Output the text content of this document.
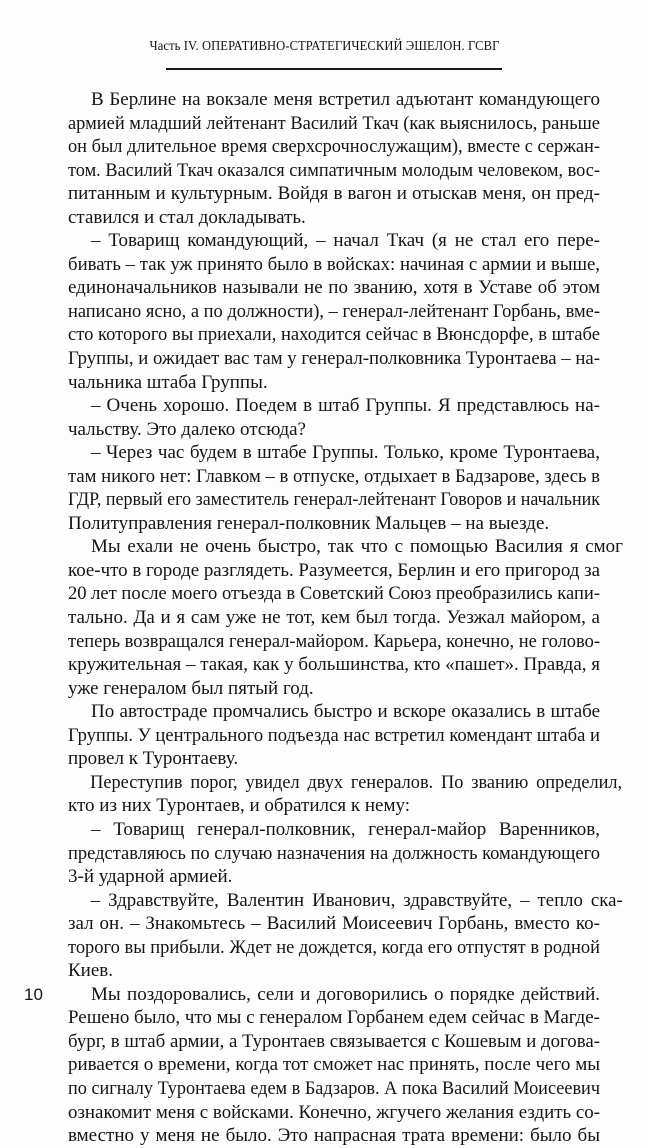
Часть IV. ОПЕРАТИВНО-СТРАТЕГИЧЕСКИЙ ЭШЕЛОН. ГСВГ
В Берлине на вокзале меня встретил адъютант командующего
армией младший лейтенант Василий Ткач (как выяснилось, раньше
он был длительное время сверхсрочнослужащим), вместе с сержан-
том. Василий Ткач оказался симпатичным молодым человеком, вос-
питанным и культурным. Войдя в вагон и отыскав меня, он пред-
ставился и стал докладывать.
– Товарищ командующий, – начал Ткач (я не стал его пере-
бивать – так уж принято было в войсках: начиная с армии и выше,
единоначальников называли не по званию, хотя в Уставе об этом
написано ясно, а по должности), – генерал-лейтенант Горбань, вме-
сто которого вы приехали, находится сейчас в Вюнсдорфе, в штабе
Группы, и ожидает вас там у генерал-полковника Туронтаева – на-
чальника штаба Группы.
– Очень хорошо. Поедем в штаб Группы. Я представлюсь на-
чальству. Это далеко отсюда?
– Через час будем в штабе Группы. Только, кроме Туронтаева,
там никого нет: Главком – в отпуске, отдыхает в Бадзарове, здесь в
ГДР, первый его заместитель генерал-лейтенант Говоров и начальник
Политуправления генерал-полковник Мальцев – на выезде.
Мы ехали не очень быстро, так что с помощью Василия я смог
кое-что в городе разглядеть. Разумеется, Берлин и его пригород за
20 лет после моего отъезда в Советский Союз преобразились капи-
тально. Да и я сам уже не тот, кем был тогда. Уезжал майором, а
теперь возвращался генерал-майором. Карьера, конечно, не голово-
кружительная – такая, как у большинства, кто «пашет». Правда, я
уже генералом был пятый год.
По автостраде промчались быстро и вскоре оказались в штабе
Группы. У центрального подъезда нас встретил комендант штаба и
провел к Туронтаеву.
Переступив порог, увидел двух генералов. По званию определил,
кто из них Туронтаев, и обратился к нему:
– Товарищ генерал-полковник, генерал-майор Варенников,
представляюсь по случаю назначения на должность командующего
3-й ударной армией.
– Здравствуйте, Валентин Иванович, здравствуйте, – тепло ска-
зал он. – Знакомьтесь – Василий Моисеевич Горбань, вместо ко-
торого вы прибыли. Ждет не дождется, когда его отпустят в родной
Киев.
Мы поздоровались, сели и договорились о порядке действий.
Решено было, что мы с генералом Горбанем едем сейчас в Магде-
бург, в штаб армии, а Туронтаев связывается с Кошевым и догова-
ривается о времени, когда тот сможет нас принять, после чего мы
по сигналу Туронтаева едем в Бадзаров. А пока Василий Моисеевич
ознакомит меня с войсками. Конечно, жгучего желания ездить со-
вместно у меня не было. Это напрасная трата времени: было бы
10
